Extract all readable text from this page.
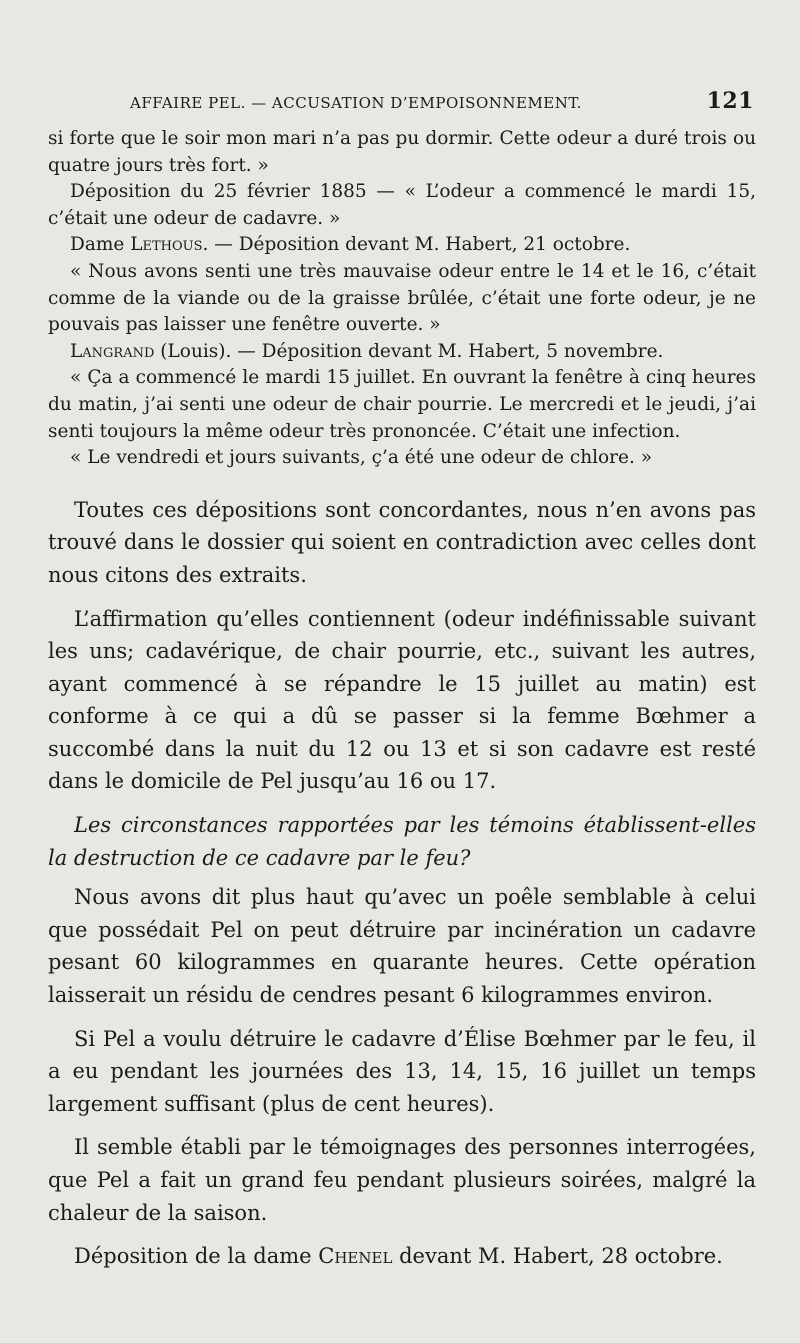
AFFAIRE PEL. — ACCUSATION D’EMPOISONNEMENT.	121

si forte que le soir mon mari n’a pas pu dormir. Cette odeur a duré trois ou quatre jours très fort. »

Déposition du 25 février 1885 — « L’odeur a commencé le mardi 15, c’était une odeur de cadavre. »

Dame Lethous. — Déposition devant M. Habert, 21 octobre.

« Nous avons senti une très mauvaise odeur entre le 14 et le 16, c’était comme de la viande ou de la graisse brûlée, c’était une forte odeur, je ne pouvais pas laisser une fenêtre ouverte. »

Langrand (Louis). — Déposition devant M. Habert, 5 novembre.

« Ça a commencé le mardi 15 juillet. En ouvrant la fenêtre à cinq heures du matin, j’ai senti une odeur de chair pourrie. Le mercredi et le jeudi, j’ai senti toujours la même odeur très prononcée. C’était une infection.

« Le vendredi et jours suivants, ç’a été une odeur de chlore. »

Toutes ces dépositions sont concordantes, nous n’en avons pas trouvé dans le dossier qui soient en contradiction avec celles dont nous citons des extraits.

L’affirmation qu’elles contiennent (odeur indéfinissable suivant les uns; cadavérique, de chair pourrie, etc., suivant les autres, ayant commencé à se répandre le 15 juillet au matin) est conforme à ce qui a dû se passer si la femme Bœhmer a succombé dans la nuit du 12 ou 13 et si son cadavre est resté dans le domicile de Pel jusqu’au 16 ou 17.

Les circonstances rapportées par les témoins établissent-elles la destruction de ce cadavre par le feu?

Nous avons dit plus haut qu’avec un poêle semblable à celui que possédait Pel on peut détruire par incinération un cadavre pesant 60 kilogrammes en quarante heures. Cette opération laisserait un résidu de cendres pesant 6 kilogrammes environ.

Si Pel a voulu détruire le cadavre d’Élise Bœhmer par le feu, il a eu pendant les journées des 13, 14, 15, 16 juillet un temps largement suffisant (plus de cent heures).

Il semble établi par le témoignages des personnes interrogées, que Pel a fait un grand feu pendant plusieurs soirées, malgré la chaleur de la saison.

Déposition de la dame Chenel devant M. Habert, 28 octobre.
